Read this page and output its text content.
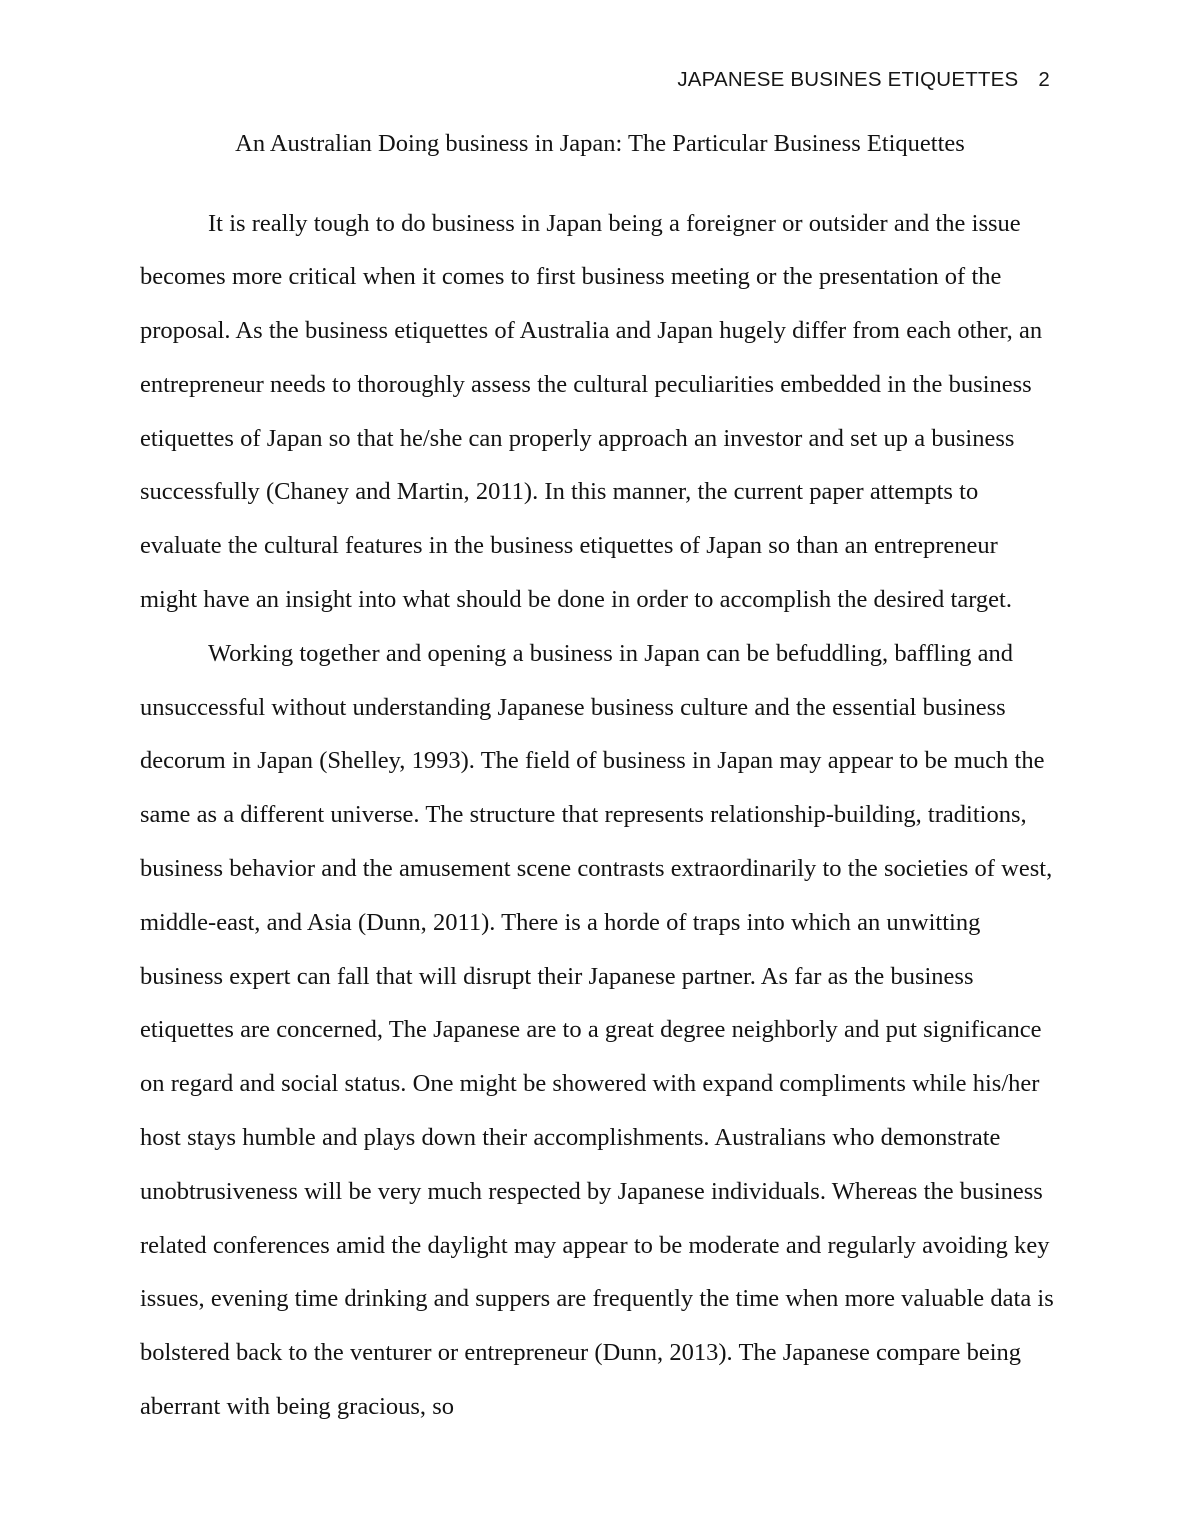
JAPANESE BUSINES ETIQUETTES 2
An Australian Doing business in Japan: The Particular Business Etiquettes

It is really tough to do business in Japan being a foreigner or outsider and the issue becomes more critical when it comes to first business meeting or the presentation of the proposal. As the business etiquettes of Australia and Japan hugely differ from each other, an entrepreneur needs to thoroughly assess the cultural peculiarities embedded in the business etiquettes of Japan so that he/she can properly approach an investor and set up a business successfully (Chaney and Martin, 2011). In this manner, the current paper attempts to evaluate the cultural features in the business etiquettes of Japan so than an entrepreneur might have an insight into what should be done in order to accomplish the desired target.

Working together and opening a business in Japan can be befuddling, baffling and unsuccessful without understanding Japanese business culture and the essential business decorum in Japan (Shelley, 1993). The field of business in Japan may appear to be much the same as a different universe. The structure that represents relationship-building, traditions, business behavior and the amusement scene contrasts extraordinarily to the societies of west, middle-east, and Asia (Dunn, 2011). There is a horde of traps into which an unwitting business expert can fall that will disrupt their Japanese partner. As far as the business etiquettes are concerned, The Japanese are to a great degree neighborly and put significance on regard and social status. One might be showered with expand compliments while his/her host stays humble and plays down their accomplishments. Australians who demonstrate unobtrusiveness will be very much respected by Japanese individuals. Whereas the business related conferences amid the daylight may appear to be moderate and regularly avoiding key issues, evening time drinking and suppers are frequently the time when more valuable data is bolstered back to the venturer or entrepreneur (Dunn, 2013). The Japanese compare being aberrant with being gracious, so
